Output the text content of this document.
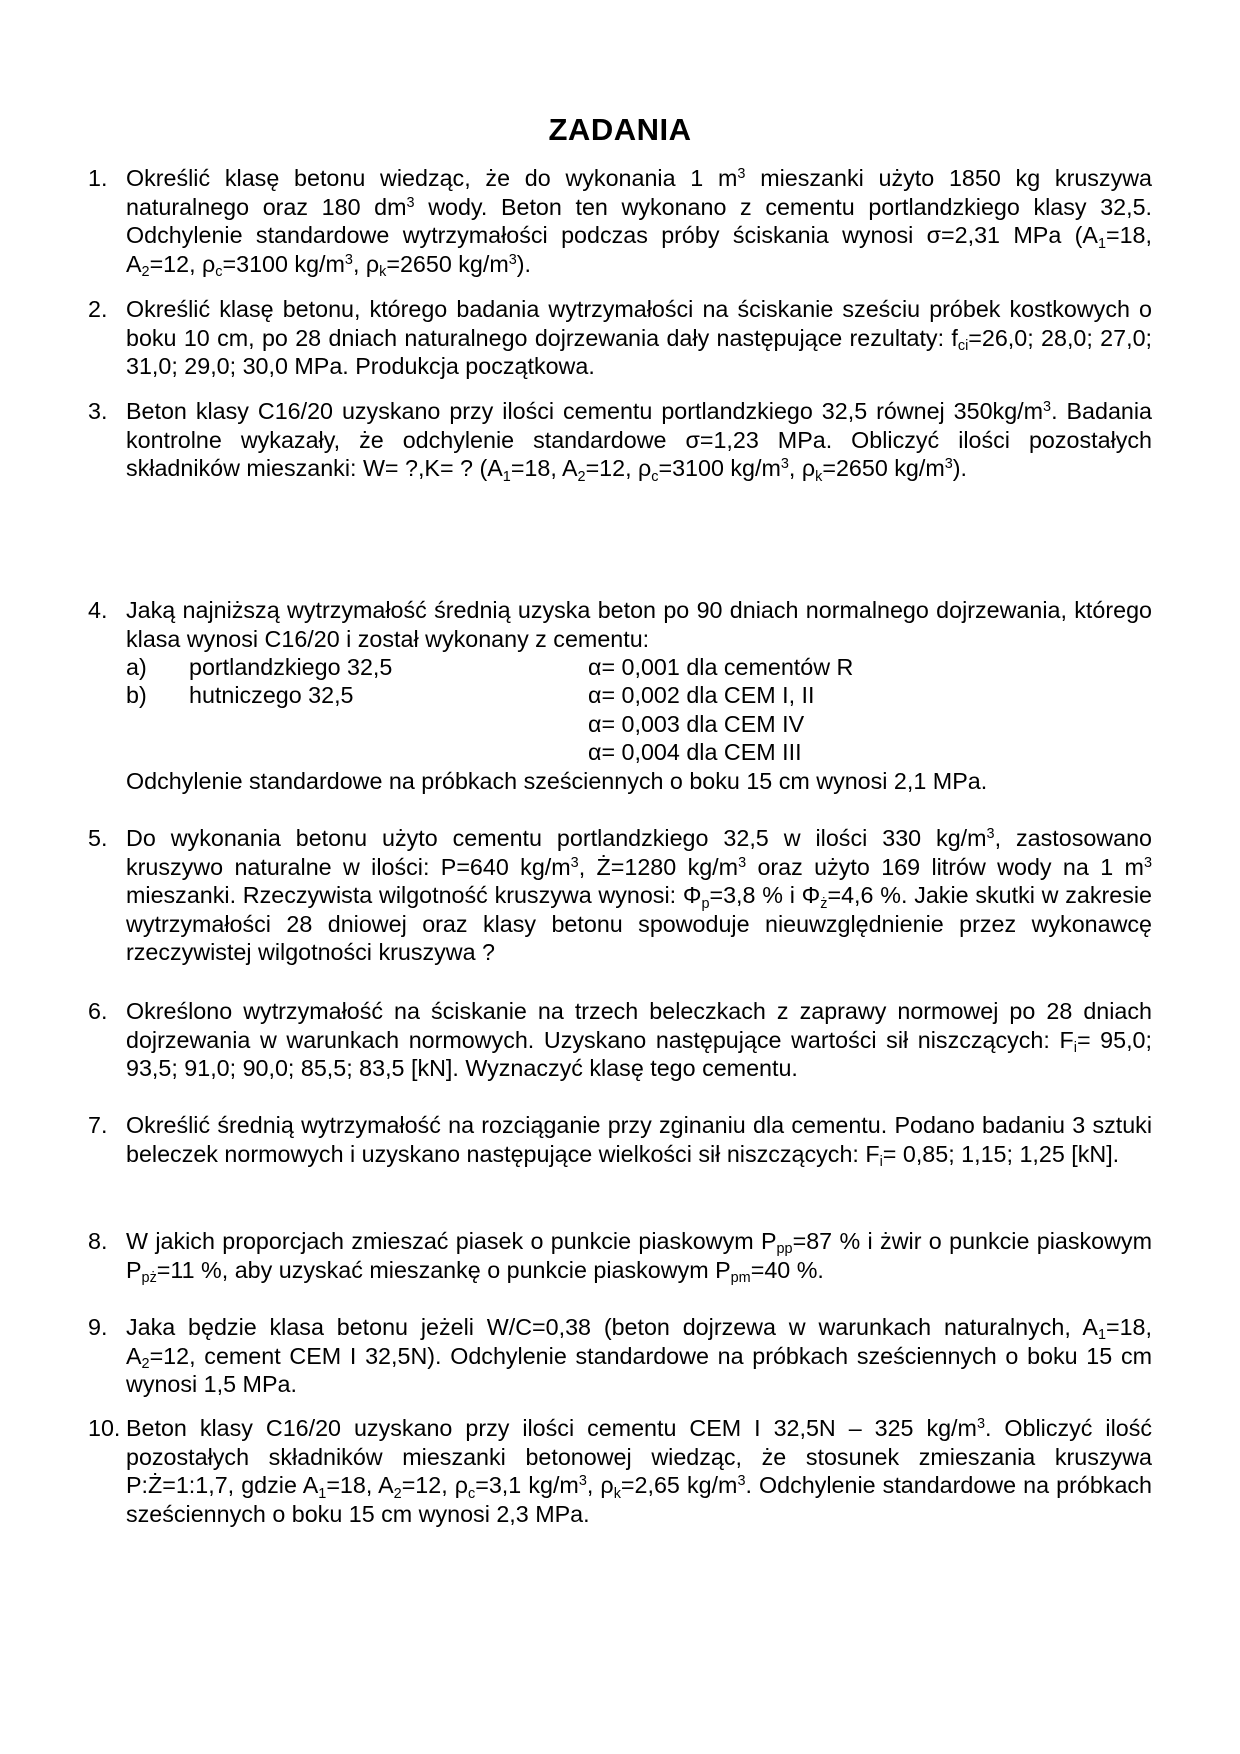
ZADANIA
1. Określić klasę betonu wiedząc, że do wykonania 1 $m^3$ mieszanki użyto 1850 kg kruszywa naturalnego oraz 180 $dm^3$ wody. Beton ten wykonano z cementu portlandzkiego klasy 32,5. Odchylenie standardowe wytrzymałości podczas próby ściskania wynosi σ=2,31 MPa ($A_1=18$, $A_2=12$, $\rho_c=3100$ $kg/m^3$, $\rho_k=2650$ $kg/m^3$).
2. Określić klasę betonu, którego badania wytrzymałości na ściskanie sześciu próbek kostkowych o boku 10 cm, po 28 dniach naturalnego dojrzewania dały następujące rezultaty: $f_{ci}=26,0$; 28,0; 27,0; 31,0; 29,0; 30,0 MPa. Produkcja początkowa.
3. Beton klasy C16/20 uzyskano przy ilości cementu portlandzkiego 32,5 równej $350kg/m^3$. Badania kontrolne wykazały, że odchylenie standardowe σ=1,23 MPa. Obliczyć ilości pozostałych składników mieszanki: W= ?,K= ? ($A_1=18$, $A_2=12$, $\rho_c=3100$ $kg/m^3$, $\rho_k=2650$ $kg/m^3$).
4. Jaką najniższą wytrzymałość średnią uzyska beton po 90 dniach normalnego dojrzewania, którego klasa wynosi C16/20 i został wykonany z cementu:
a) portlandzkiego 32,5
b) hutniczego 32,5
α= 0,001 dla cementów R
α= 0,002 dla CEM I, II
α= 0,003 dla CEM IV
α= 0,004 dla CEM III
Odchylenie standardowe na próbkach sześciennych o boku 15 cm wynosi 2,1 MPa.
5. Do wykonania betonu użyto cementu portlandzkiego 32,5 w ilości 330 $kg/m^3$, zastosowano kruszywo naturalne w ilości: P=640 $kg/m^3$, Ż=1280 $kg/m^3$ oraz użyto 169 litrów wody na 1 $m^3$ mieszanki. Rzeczywista wilgotność kruszywa wynosi: $\Phi_p=3,8$ % i $\Phi_ż=4,6$ %. Jakie skutki w zakresie wytrzymałości 28 dniowej oraz klasy betonu spowoduje nieuwzględnienie przez wykonawcę rzeczywistej wilgotności kruszywa ?
6. Określono wytrzymałość na ściskanie na trzech beleczkach z zaprawy normowej po 28 dniach dojrzewania w warunkach normowych. Uzyskano następujące wartości sił niszczących: $F_i= 95,0$; 93,5; 91,0; 90,0; 85,5; 83,5 [kN]. Wyznaczyć klasę tego cementu.
7. Określić średnią wytrzymałość na rozciąganie przy zginaniu dla cementu. Podano badaniu 3 sztuki beleczek normowych i uzyskano następujące wielkości sił niszczących: $F_i= 0,85$; 1,15; 1,25 [kN].
8. W jakich proporcjach zmieszać piasek o punkcie piaskowym $P_{pp}=87$ % i żwir o punkcie piaskowym $P_{pż}=11$ %, aby uzyskać mieszankę o punkcie piaskowym $P_{pm}=40$ %.
9. Jaka będzie klasa betonu jeżeli W/C=0,38 (beton dojrzewa w warunkach naturalnych, $A_1=18$, $A_2=12$, cement CEM I 32,5N). Odchylenie standardowe na próbkach sześciennych o boku 15 cm wynosi 1,5 MPa.
10. Beton klasy C16/20 uzyskano przy ilości cementu CEM I 32,5N – 325 $kg/m^3$. Obliczyć ilość pozostałych składników mieszanki betonowej wiedząc, że stosunek zmieszania kruszywa P:Ż=1:1,7, gdzie $A_1=18$, $A_2=12$, $\rho_c=3,1$ $kg/m^3$, $\rho_k=2,65$ $kg/m^3$. Odchylenie standardowe na próbkach sześciennych o boku 15 cm wynosi 2,3 MPa.
